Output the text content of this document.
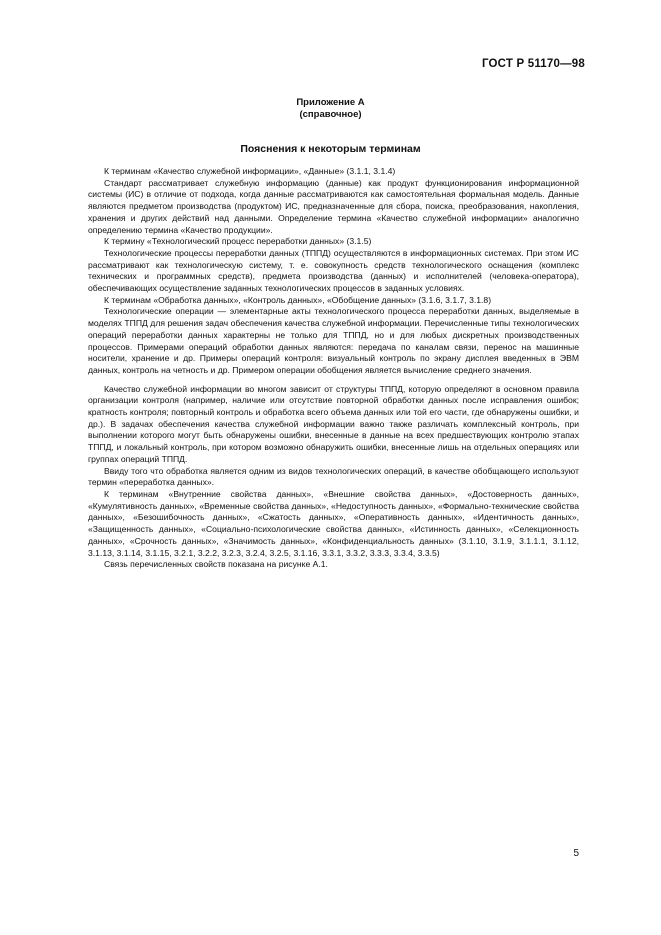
ГОСТ Р 51170—98
Приложение А
(справочное)
Пояснения к некоторым терминам

К терминам «Качество служебной информации», «Данные» (3.1.1, 3.1.4)

Стандарт рассматривает служебную информацию (данные) как продукт функционирования информационной системы (ИС) в отличие от подхода, когда данные рассматриваются как самостоятельная формальная модель. Данные являются предметом производства (продуктом) ИС, предназначенные для сбора, поиска, преобразования, накопления, хранения и других действий над данными. Определение термина «Качество служебной информации» аналогично определению термина «Качество продукции».

К термину «Технологический процесс переработки данных» (3.1.5)

Технологические процессы переработки данных (ТППД) осуществляются в информационных системах. При этом ИС рассматривают как технологическую систему, т. е. совокупность средств технологического оснащения (комплекс технических и программных средств), предмета производства (данных) и исполнителей (человека-оператора), обеспечивающих осуществление заданных технологических процессов в заданных условиях.

К терминам «Обработка данных», «Контроль данных», «Обобщение данных» (3.1.6, 3.1.7, 3.1.8)

Технологические операции — элементарные акты технологического процесса переработки данных, выделяемые в моделях ТППД для решения задач обеспечения качества служебной информации. Перечисленные типы технологических операций переработки данных характерны не только для ТППД, но и для любых дискретных производственных процессов. Примерами операций обработки данных являются: передача по каналам связи, перенос на машинные носители, хранение и др. Примеры операций контроля: визуальный контроль по экрану дисплея введенных в ЭВМ данных, контроль на четность и др. Примером операции обобщения является вычисление среднего значения.

Качество служебной информации во многом зависит от структуры ТППД, которую определяют в основном правила организации контроля (например, наличие или отсутствие повторной обработки данных после исправления ошибок; кратность контроля; повторный контроль и обработка всего объема данных или той его части, где обнаружены ошибки, и др.). В задачах обеспечения качества служебной информации важно также различать комплексный контроль, при выполнении которого могут быть обнаружены ошибки, внесенные в данные на всех предшествующих контролю этапах ТППД, и локальный контроль, при котором возможно обнаружить ошибки, внесенные лишь на отдельных операциях или группах операций ТППД.

Ввиду того что обработка является одним из видов технологических операций, в качестве обобщающего используют термин «переработка данных».

К терминам «Внутренние свойства данных», «Внешние свойства данных», «Достоверность данных», «Кумулятивность данных», «Временные свойства данных», «Недоступность данных», «Формально-технические свойства данных», «Безошибочность данных», «Сжатость данных», «Оперативность данных», «Идентичность данных», «Защищенность данных», «Социально-психологические свойства данных», «Истинность данных», «Селекционность данных», «Срочность данных», «Значимость данных», «Конфиденциальность данных» (3.1.10, 3.1.9, 3.1.1.1, 3.1.12, 3.1.13, 3.1.14, 3.1.15, 3.2.1, 3.2.2, 3.2.3, 3.2.4, 3.2.5, 3.1.16, 3.3.1, 3.3.2, 3.3.3, 3.3.4, 3.3.5)

Связь перечисленных свойств показана на рисунке А.1.

5
